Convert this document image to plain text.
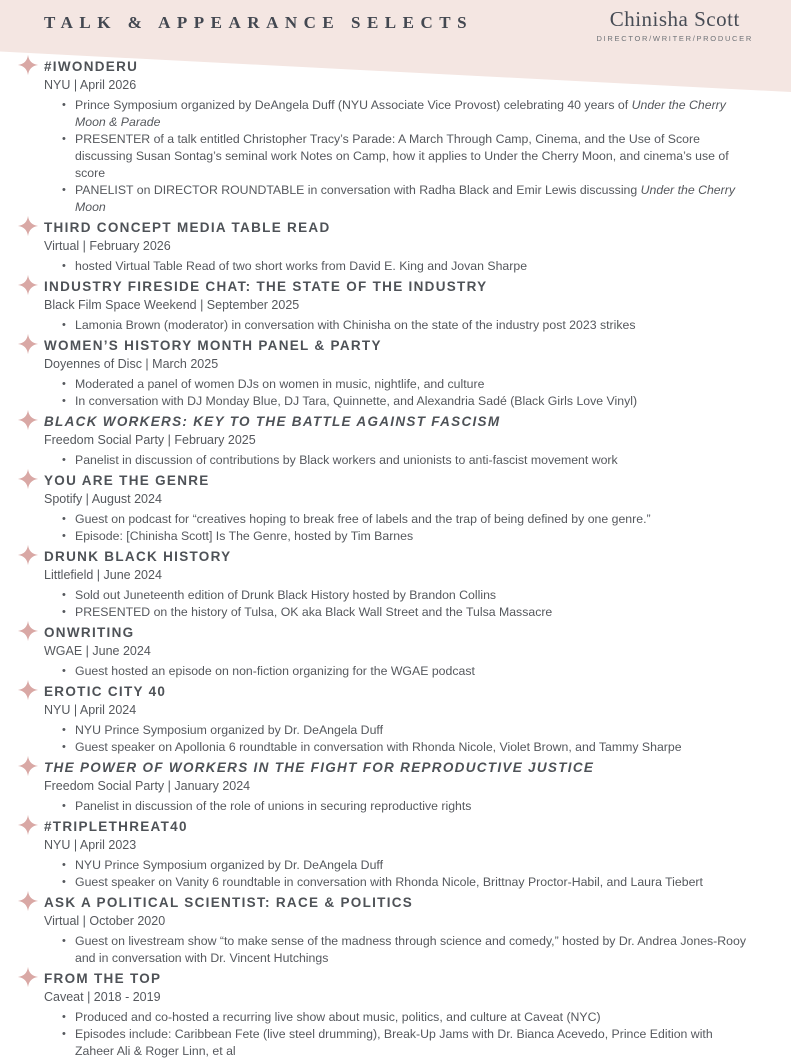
TALK & APPEARANCE SELECTS	Chinisha Scott
DIRECTOR/WRITER/PRODUCER
#IWONDERU
NYU | April 2026
• Prince Symposium organized by DeAngela Duff (NYU Associate Vice Provost) celebrating 40 years of Under the Cherry Moon & Parade
• PRESENTER of a talk entitled Christopher Tracy’s Parade: A March Through Camp, Cinema, and the Use of Score discussing Susan Sontag’s seminal work Notes on Camp, how it applies to Under the Cherry Moon, and cinema’s use of score
• PANELIST on DIRECTOR ROUNDTABLE in conversation with Radha Black and Emir Lewis discussing Under the Cherry Moon
THIRD CONCEPT MEDIA TABLE READ
Virtual | February 2026
• hosted Virtual Table Read of two short works from David E. King and Jovan Sharpe
INDUSTRY FIRESIDE CHAT: THE STATE OF THE INDUSTRY
Black Film Space Weekend | September 2025
• Lamonia Brown (moderator) in conversation with Chinisha on the state of the industry post 2023 strikes
WOMEN’S HISTORY MONTH PANEL & PARTY
Doyennes of Disc | March 2025
• Moderated a panel of women DJs on women in music, nightlife, and culture
• In conversation with DJ Monday Blue, DJ Tara, Quinnette, and Alexandria Sadé (Black Girls Love Vinyl)
BLACK WORKERS: KEY TO THE BATTLE AGAINST FASCISM
Freedom Social Party | February 2025
• Panelist in discussion of contributions by Black workers and unionists to anti-fascist movement work
YOU ARE THE GENRE
Spotify | August 2024
• Guest on podcast for “creatives hoping to break free of labels and the trap of being defined by one genre.”
• Episode: [Chinisha Scott] Is The Genre, hosted by Tim Barnes
DRUNK BLACK HISTORY
Littlefield | June 2024
• Sold out Juneteenth edition of Drunk Black History hosted by Brandon Collins
• PRESENTED on the history of Tulsa, OK aka Black Wall Street and the Tulsa Massacre
ONWRITING
WGAE | June 2024
• Guest hosted an episode on non-fiction organizing for the WGAE podcast
EROTIC CITY 40
NYU | April 2024
• NYU Prince Symposium organized by Dr. DeAngela Duff
• Guest speaker on Apollonia 6 roundtable in conversation with Rhonda Nicole, Violet Brown, and Tammy Sharpe
THE POWER OF WORKERS IN THE FIGHT FOR REPRODUCTIVE JUSTICE
Freedom Social Party | January 2024
• Panelist in discussion of the role of unions in securing reproductive rights
#TRIPLETHREAT40
NYU | April 2023
• NYU Prince Symposium organized by Dr. DeAngela Duff
• Guest speaker on Vanity 6 roundtable in conversation with Rhonda Nicole, Brittnay Proctor-Habil, and Laura Tiebert
ASK A POLITICAL SCIENTIST: RACE & POLITICS
Virtual | October 2020
• Guest on livestream show “to make sense of the madness through science and comedy,” hosted by Dr. Andrea Jones-Rooy and in conversation with Dr. Vincent Hutchings
FROM THE TOP
Caveat | 2018 - 2019
• Produced and co-hosted a recurring live show about music, politics, and culture at Caveat (NYC)
• Episodes include: Caribbean Fete (live steel drumming), Break-Up Jams with Dr. Bianca Acevedo, Prince Edition with Zaheer Ali & Roger Linn, et al
